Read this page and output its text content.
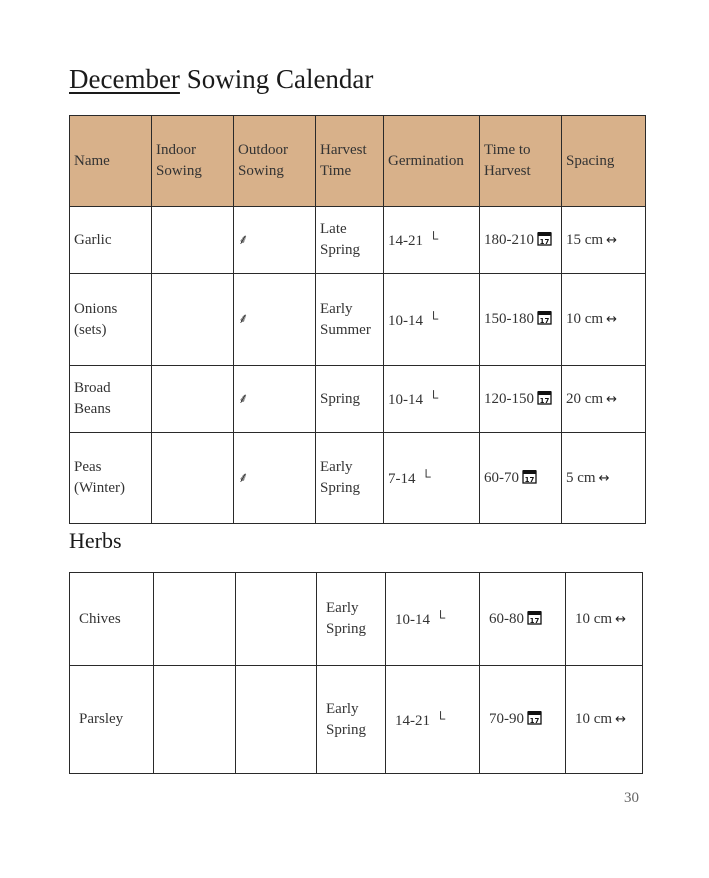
December Sowing Calendar
Name	Indoor Sowing	Outdoor Sowing	Harvest Time	Germination	Time to Harvest	Spacing
Garlic		⸙	Late Spring	14-21 └	180-210 17	15 cm ↔
Onions (sets)		⸙	Early Summer	10-14 └	150-180 17	10 cm ↔
Broad Beans		⸙	Spring	10-14 └	120-150 17	20 cm ↔
Peas (Winter)		⸙	Early Spring	7-14 └	60-70 17	5 cm ↔
Herbs
Chives			Early Spring	10-14 └	60-80 17	10 cm ↔
Parsley			Early Spring	14-21 └	70-90 17	10 cm ↔
30
